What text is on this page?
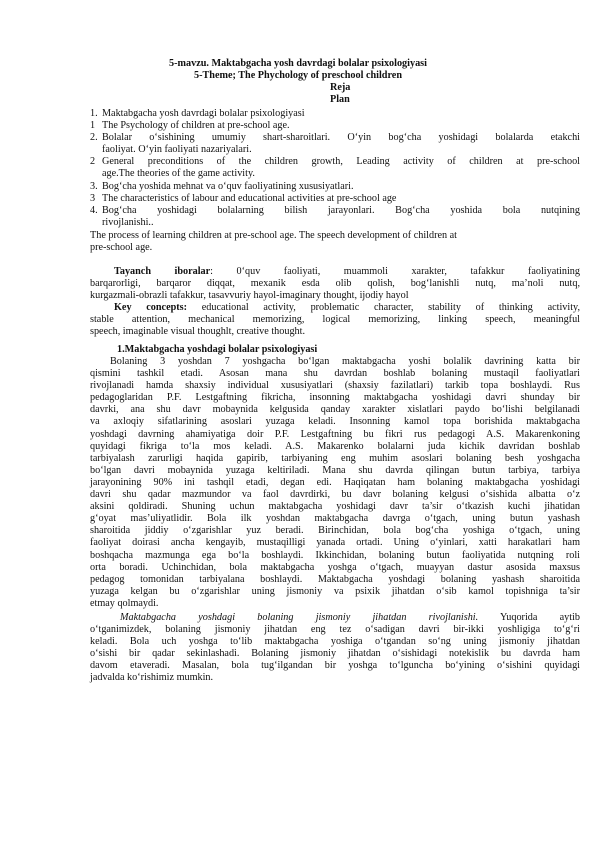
5-mavzu. Maktabgacha yosh davrdagi bolalar psixologiyasi
5-Theme; The Phychology of preschool children
Reja
Plan
1. Maktabgacha yosh davrdagi bolalar psixologiyasi
1 The Psychology of children at pre-school age.
2. Bolalar o‘sishining umumiy shart-sharoitlari. O‘yin bog‘cha yoshidagi bolalarda etakchi
faoliyat. O‘yin faoliyati nazariyalari.
2 General preconditions of the children growth, Leading activity of children at pre-school
age.The theories of the game activity.
3. Bog‘cha yoshida mehnat va o‘quv faoliyatining xususiyatlari.
3 The characteristics of labour and educational activities at pre-school age
4. Bog‘cha yoshidagi bolalarning bilish jarayonlari. Bog‘cha yoshida bola nutqining
rivojlanishi..
The process of learning children at pre-school age. The speech development of children at
pre-school age.
Tayanch iboralar: 0‘quv faoliyati, muammoli xarakter, tafakkur faoliyatining
barqarorligi, barqaror diqqat, mexanik esda olib qolish, bog‘lanishli nutq, ma’noli nutq,
kurgazmali-obrazli tafakkur, tasavvuriy hayol-imaginary thought, ijodiy hayol
Key concepts: educational activity, problematic character, stability of thinking activity,
stable attention, mechanical memorizing, logical memorizing, linking speech, meaningful
speech, imaginable visual thoughlt, creative thought.
1.Maktabgacha yoshdagi bolalar psixologiyasi
Bolaning 3 yoshdan 7 yoshgacha bo‘lgan maktabgacha yoshi bolalik davrining katta bir
qismini tashkil etadi. Asosan mana shu davrdan boshlab bolaning mustaqil faoliyatlari
rivojlanadi hamda shaxsiy individual xususiyatlari (shaxsiy fazilatlari) tarkib topa boshlaydi. Rus
pedagoglaridan P.F. Lestgaftning fikricha, insonning maktabgacha yoshidagi davri shunday bir
davrki, ana shu davr mobaynida kelgusida qanday xarakter xislatlari paydo bo‘lishi belgilanadi
va axloqiy sifatlarining asoslari yuzaga keladi. Insonning kamol topa borishida maktabgacha
yoshdagi davrning ahamiyatiga doir P.F. Lestgaftning bu fikri rus pedagogi A.S. Makarenkoning
quyidagi fikriga to‘la mos keladi. A.S. Makarenko bolalarni juda kichik davridan boshlab
tarbiyalash zarurligi haqida gapirib, tarbiyaning eng muhim asoslari bolaning besh yoshgacha
bo‘lgan davri mobaynida yuzaga keltiriladi. Mana shu davrda qilingan butun tarbiya, tarbiya
jarayonining 90% ini tashqil etadi, degan edi. Haqiqatan ham bolaning maktabgacha yoshidagi
davri shu qadar mazmundor va faol davrdirki, bu davr bolaning kelgusi o‘sishida albatta o‘z
aksini qoldiradi. Shuning uchun maktabgacha yoshidagi davr ta’sir o‘tkazish kuchi jihatidan
g‘oyat mas’uliyatlidir. Bola ilk yoshdan maktabgacha davrga o‘tgach, uning butun yashash
sharoitida jiddiy o‘zgarishlar yuz beradi. Birinchidan, bola bog‘cha yoshiga o‘tgach, uning
faoliyat doirasi ancha kengayib, mustaqilligi yanada ortadi. Uning o‘yinlari, xatti harakatlari ham
boshqacha mazmunga ega bo‘la boshlaydi. Ikkinchidan, bolaning butun faoliyatida nutqning roli
orta boradi. Uchinchidan, bola maktabgacha yoshga o‘tgach, muayyan dastur asosida maxsus
pedagog tomonidan tarbiyalana boshlaydi. Maktabgacha yoshdagi bolaning yashash sharoitida
yuzaga kelgan bu o‘zgarishlar uning jismoniy va psixik jihatdan o‘sib kamol topishniga ta’sir
etmay qolmaydi.
Maktabgacha yoshdagi bolaning jismoniy jihatdan rivojlanishi. Yuqorida aytib
o‘tganimizdek, bolaning jismoniy jihatdan eng tez o‘sadigan davri bir-ikki yoshligiga to‘g‘ri
keladi. Bola uch yoshga to‘lib maktabgacha yoshiga o‘tgandan so‘ng uning jismoniy jihatdan
o‘sishi bir qadar sekinlashadi. Bolaning jismoniy jihatdan o‘sishidagi notekislik bu davrda ham
davom etaveradi. Masalan, bola tug‘ilgandan bir yoshga to‘lguncha bo‘yining o‘sishini quyidagi
jadvalda ko‘rishimiz mumkin.
